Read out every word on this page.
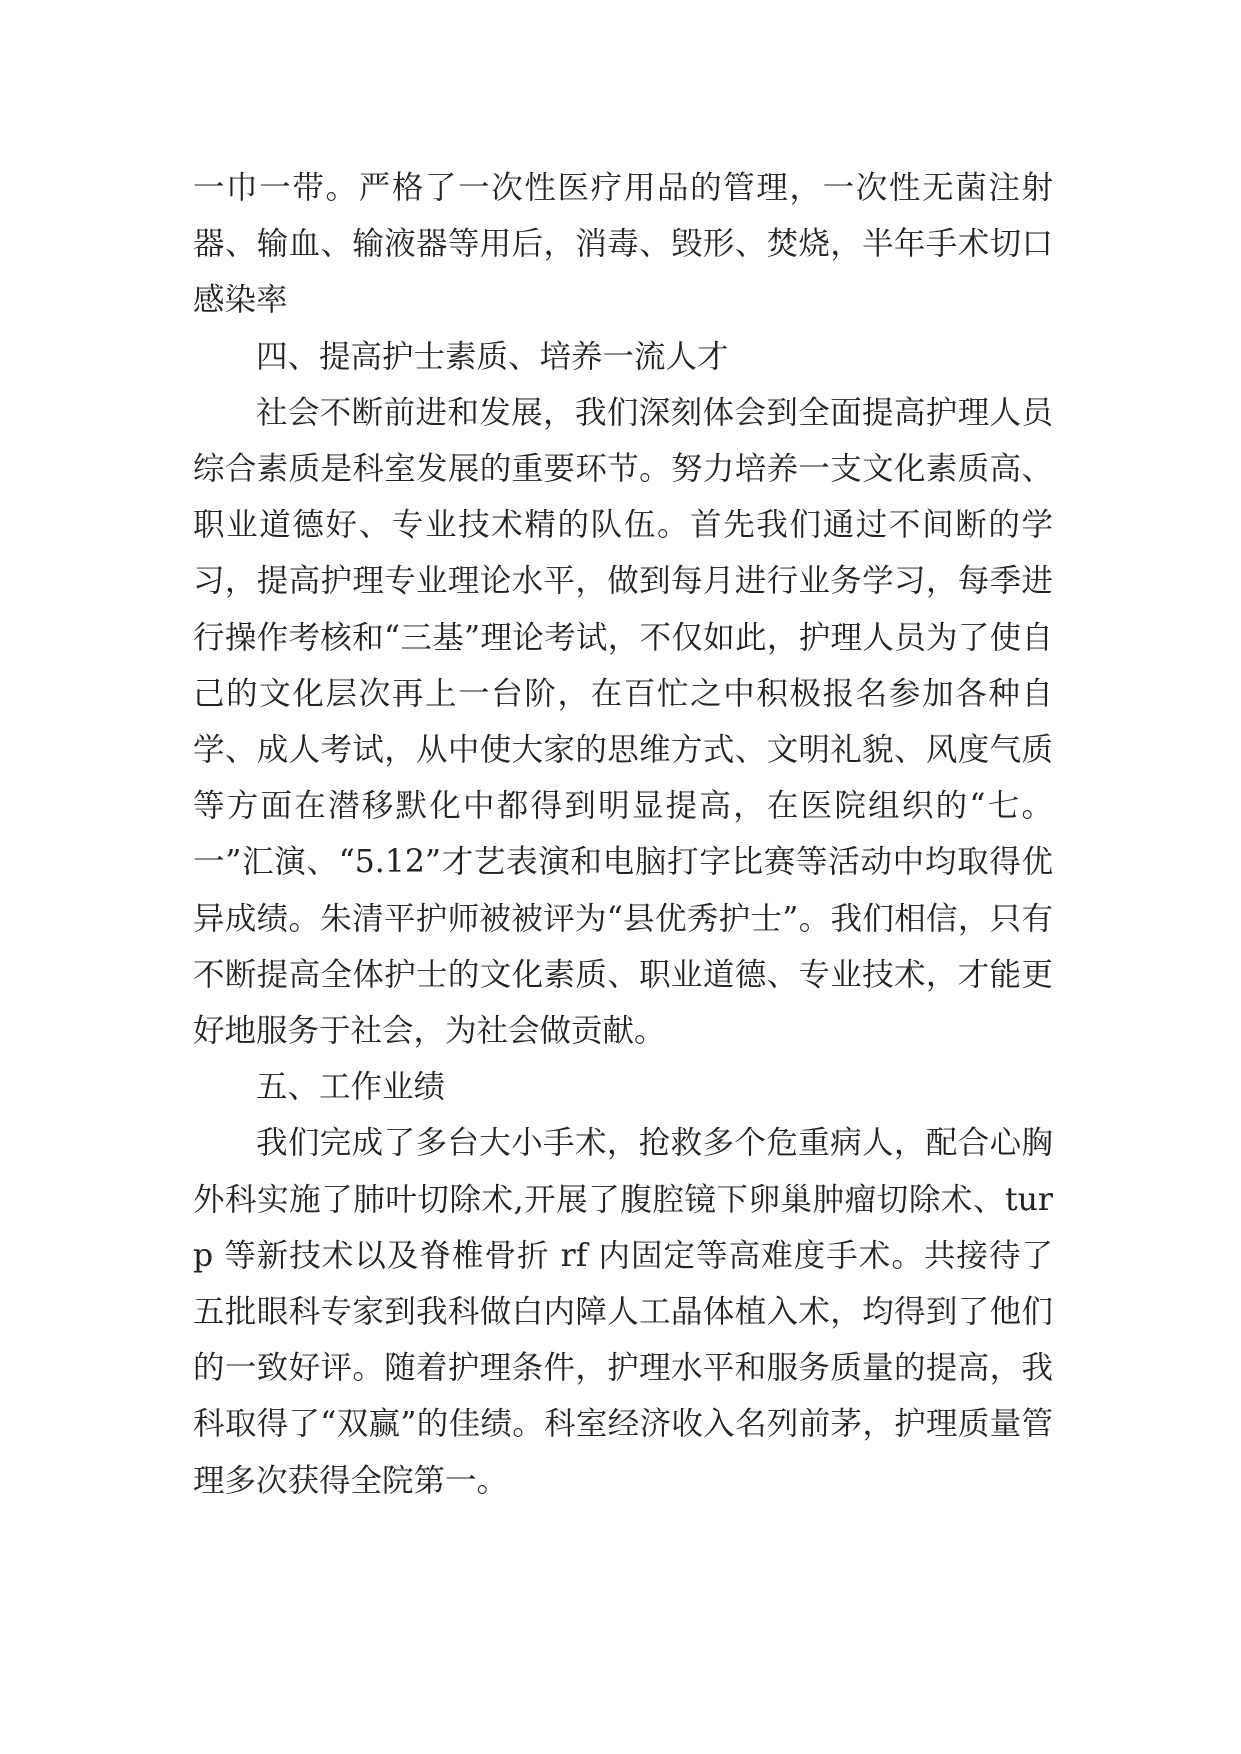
一巾一带。严格了一次性医疗用品的管理，一次性无菌注射器、输血、输液器等用后，消毒、毁形、焚烧，半年手术切口感染率

四、提高护士素质、培养一流人才

社会不断前进和发展，我们深刻体会到全面提高护理人员综合素质是科室发展的重要环节。努力培养一支文化素质高、职业道德好、专业技术精的队伍。首先我们通过不间断的学习，提高护理专业理论水平，做到每月进行业务学习，每季进行操作考核和“三基”理论考试，不仅如此，护理人员为了使自己的文化层次再上一台阶，在百忙之中积极报名参加各种自学、成人考试，从中使大家的思维方式、文明礼貌、风度气质等方面在潜移默化中都得到明显提高，在医院组织的“七。一”汇演、“5.12”才艺表演和电脑打字比赛等活动中均取得优异成绩。朱清平护师被被评为“县优秀护士”。我们相信，只有不断提高全体护士的文化素质、职业道德、专业技术，才能更好地服务于社会，为社会做贡献。

五、工作业绩

我们完成了多台大小手术，抢救多个危重病人，配合心胸外科实施了肺叶切除术,开展了腹腔镜下卵巢肿瘤切除术、turp 等新技术以及脊椎骨折 rf 内固定等高难度手术。共接待了五批眼科专家到我科做白内障人工晶体植入术，均得到了他们的一致好评。随着护理条件，护理水平和服务质量的提高，我科取得了“双赢”的佳绩。科室经济收入名列前茅，护理质量管理多次获得全院第一。
